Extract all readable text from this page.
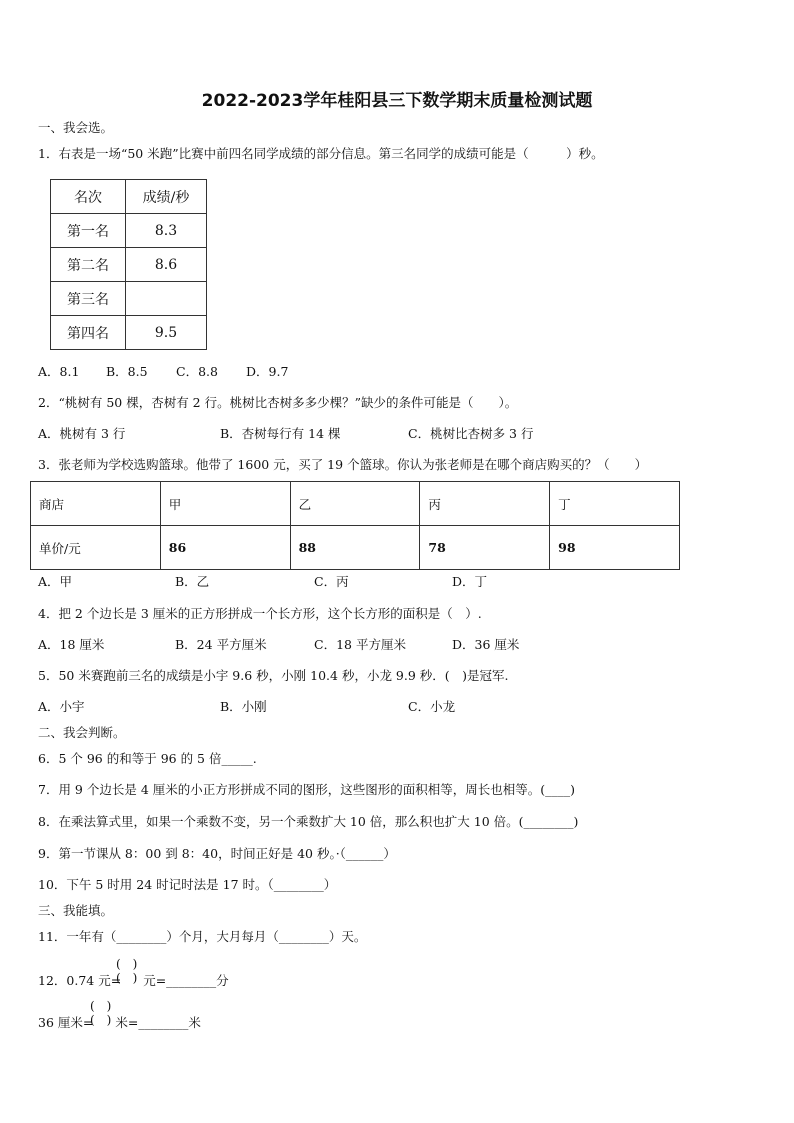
2022-2023学年桂阳县三下数学期末质量检测试题
一、我会选。
1．右表是一场“50 米跑”比赛中前四名同学成绩的部分信息。第三名同学的成绩可能是（　　　）秒。
名次	成绩/秒
第一名	8.3
第二名	8.6
第三名	
第四名	9.5
A．8.1 B．8.5 C．8.8 D．9.7
2．“桃树有 50 棵，杏树有 2 行。桃树比杏树多多少棵？”缺少的条件可能是（　　）。
A．桃树有 3 行	B．杏树每行有 14 棵	C．桃树比杏树多 3 行
3．张老师为学校选购篮球。他带了 1600 元，买了 19 个篮球。你认为张老师是在哪个商店购买的？（　　）
商店	甲	乙	丙	丁
单价/元	86	88	78	98
A．甲	B．乙	C．丙	D．丁
4．把 2 个边长是 3 厘米的正方形拼成一个长方形，这个长方形的面积是（　）.
A．18 厘米	B．24 平方厘米	C．18 平方厘米	D．36 厘米
5．50 米赛跑前三名的成绩是小宇 9.6 秒，小刚 10.4 秒，小龙 9.9 秒．(　)是冠军.
A．小宇	B．小刚	C．小龙
二、我会判断。
6．5 个 96 的和等于 96 的 5 倍_____.
7．用 9 个边长是 4 厘米的小正方形拼成不同的图形，这些图形的面积相等，周长也相等。(____)
8．在乘法算式里，如果一个乘数不变，另一个乘数扩大 10 倍，那么积也扩大 10 倍。(________)
9．第一节课从 8：00 到 8：40，时间正好是 40 秒。·（______）
10．下午 5 时用 24 时记时法是 17 时。（________）
三、我能填。
11．一年有（________）个月，大月每月（________）天。
12．0.74 元= 元=________分
(　)
(　)
36 厘米= 米=________米
(　)
(　)
